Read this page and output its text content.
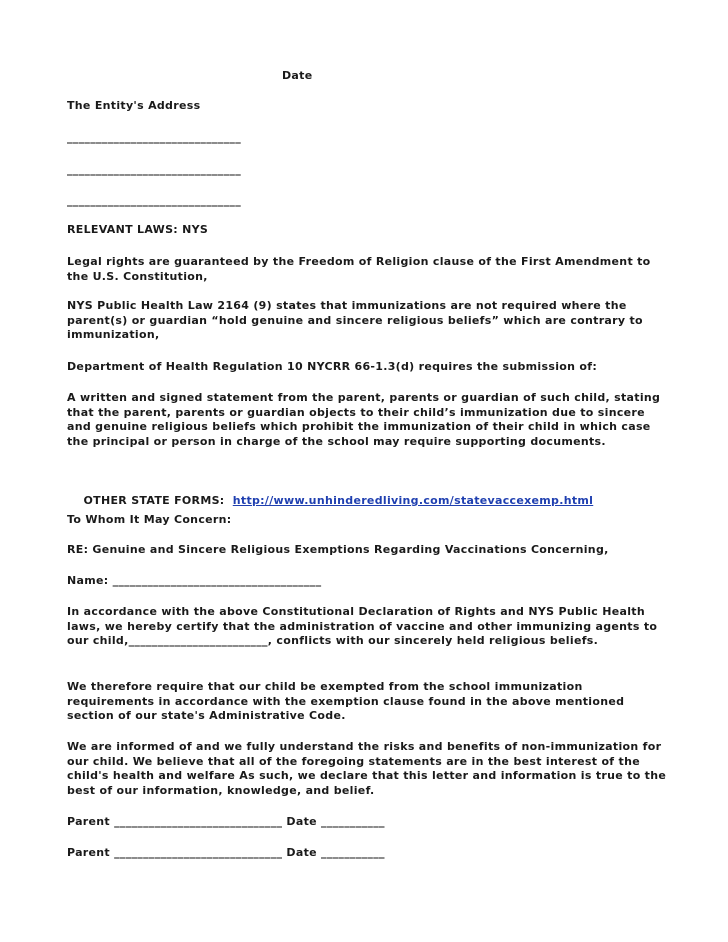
Date
The Entity's Address
______________________________
______________________________
______________________________
RELEVANT LAWS: NYS
Legal rights are guaranteed by the Freedom of Religion clause of the First Amendment to the U.S. Constitution,
NYS Public Health Law 2164 (9) states that immunizations are not required where the parent(s) or guardian “hold genuine and sincere religious beliefs” which are contrary to immunization,
Department of Health Regulation 10 NYCRR 66-1.3(d) requires the submission of:
A written and signed statement from the parent, parents or guardian of such child, stating that the parent, parents or guardian objects to their child’s immunization due to sincere and genuine religious beliefs which prohibit the immunization of their child in which case the principal or person in charge of the school may require supporting documents.

OTHER STATE FORMS: http://www.unhinderedliving.com/statevaccexemp.html

To Whom It May Concern:
RE: Genuine and Sincere Religious Exemptions Regarding Vaccinations Concerning,
Name: ____________________________________
In accordance with the above Constitutional Declaration of Rights and NYS Public Health laws, we hereby certify that the administration of vaccine and other immunizing agents to our child,________________________, conflicts with our sincerely held religious beliefs.
We therefore require that our child be exempted from the school immunization requirements in accordance with the exemption clause found in the above mentioned section of our state's Administrative Code.
We are informed of and we fully understand the risks and benefits of non-immunization for our child. We believe that all of the foregoing statements are in the best interest of the child's health and welfare As such, we declare that this letter and information is true to the best of our information, knowledge, and belief.
Parent _____________________________ Date ___________
Parent _____________________________ Date ___________
